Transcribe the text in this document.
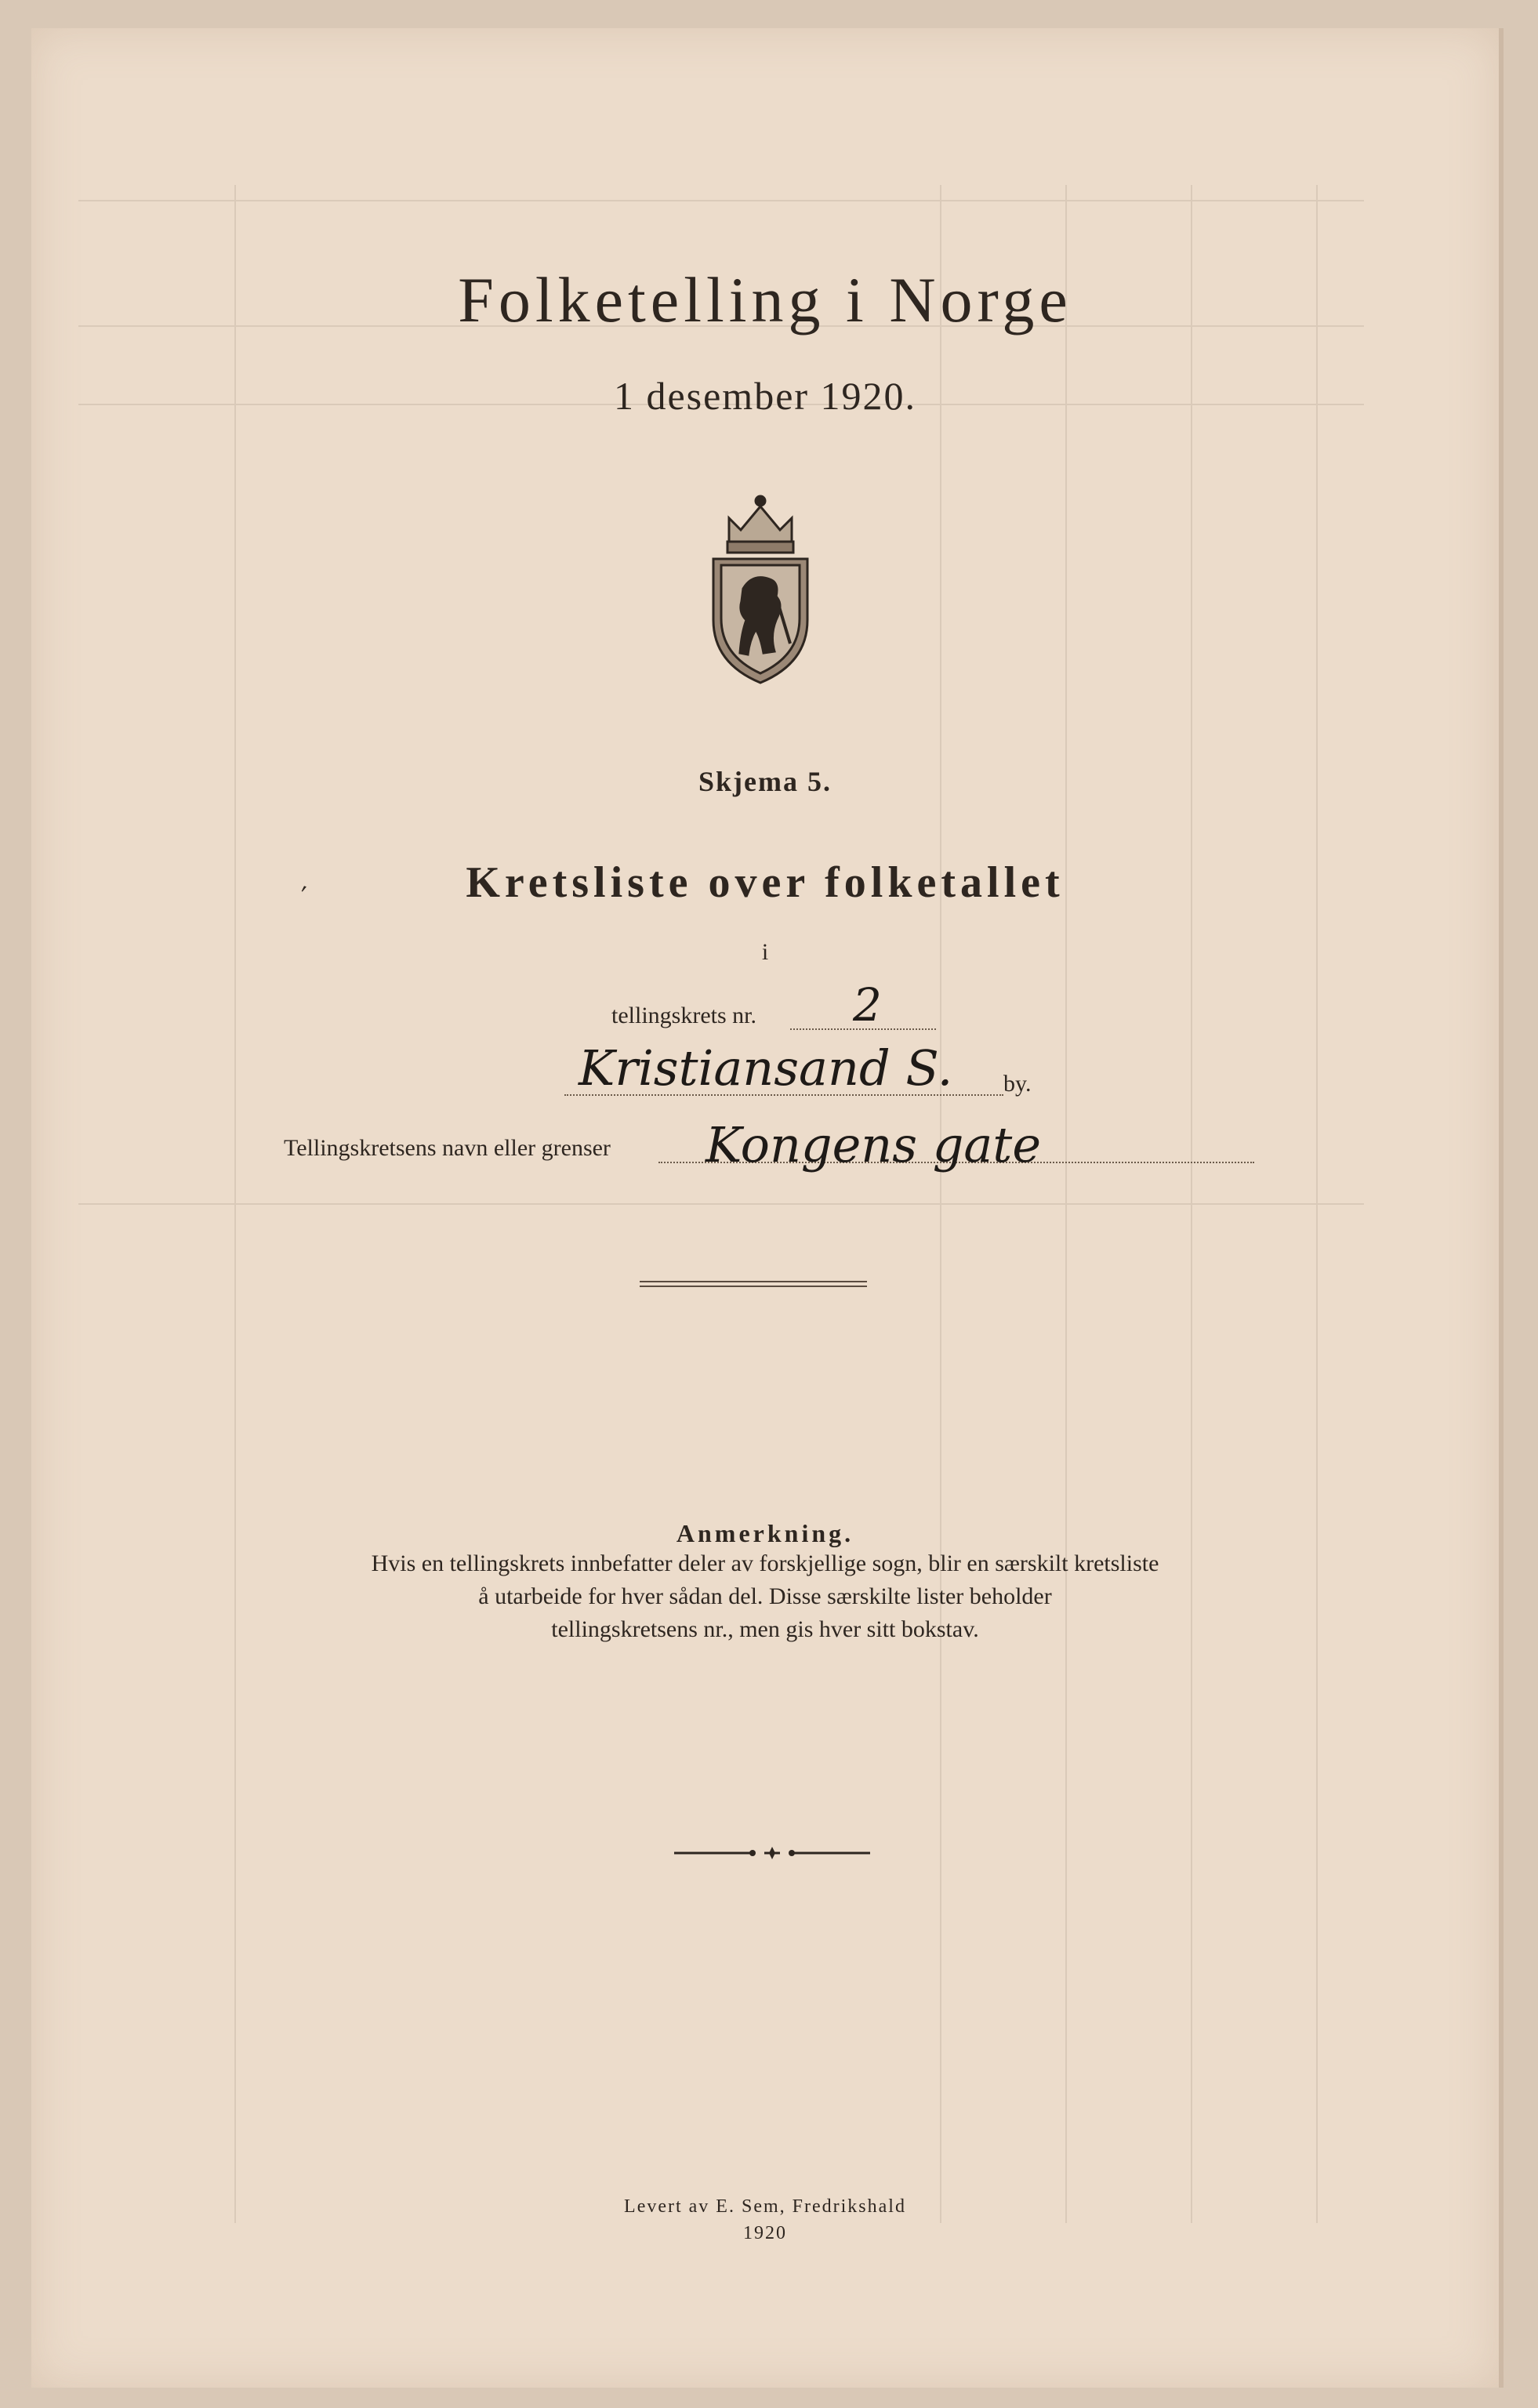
Folketelling i Norge
1 desember 1920.
Skjema 5.
′	Kretsliste over folketallet
i
tellingskrets nr. 2
Kristiansand S. by.
Tellingskretsens navn eller grenser Kongens gate
Anmerkning.
Hvis en tellingskrets innbefatter deler av forskjellige sogn, blir en særskilt kretsliste
å utarbeide for hver sådan del. Disse særskilte lister beholder
tellingskretsens nr., men gis hver sitt bokstav.
Levert av E. Sem, Fredrikshald
1920
